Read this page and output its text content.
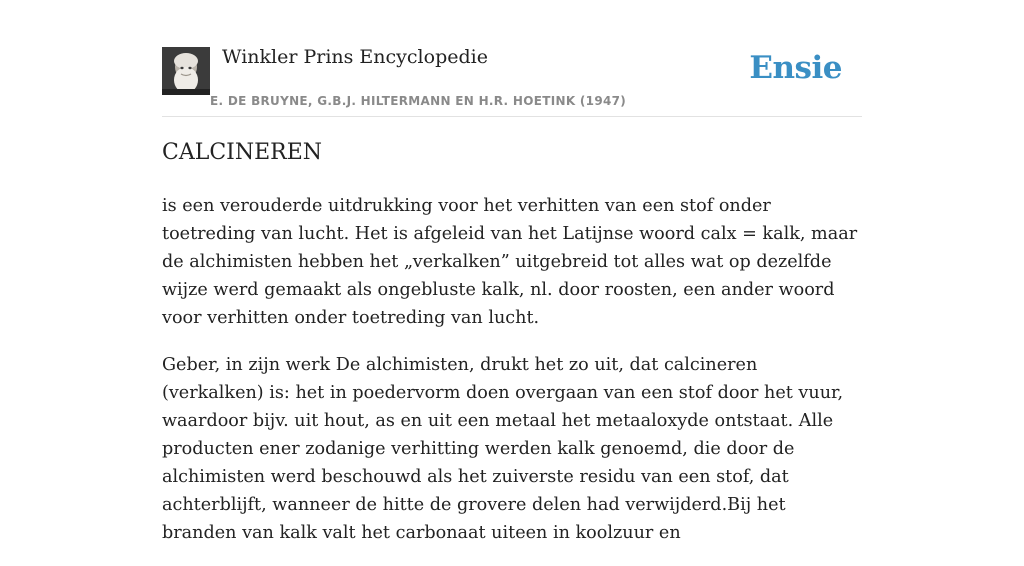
Winkler Prins Encyclopedie
E. DE BRUYNE, G.B.J. HILTERMANN EN H.R. HOETINK (1947)
Ensie
CALCINEREN

is een verouderde uitdrukking voor het verhitten van een stof onder toetreding van lucht. Het is afgeleid van het Latijnse woord calx = kalk, maar de alchimisten hebben het „verkalken” uitgebreid tot alles wat op dezelfde wijze werd gemaakt als ongebluste kalk, nl. door roosten, een ander woord voor verhitten onder toetreding van lucht.

Geber, in zijn werk De alchimisten, drukt het zo uit, dat calcineren (verkalken) is: het in poedervorm doen overgaan van een stof door het vuur, waardoor bijv. uit hout, as en uit een metaal het metaaloxyde ontstaat. Alle producten ener zodanige verhitting werden kalk genoemd, die door de alchimisten werd beschouwd als het zuiverste residu van een stof, dat achterblijft, wanneer de hitte de grovere delen had verwijderd.Bij het branden van kalk valt het carbonaat uiteen in koolzuur en
